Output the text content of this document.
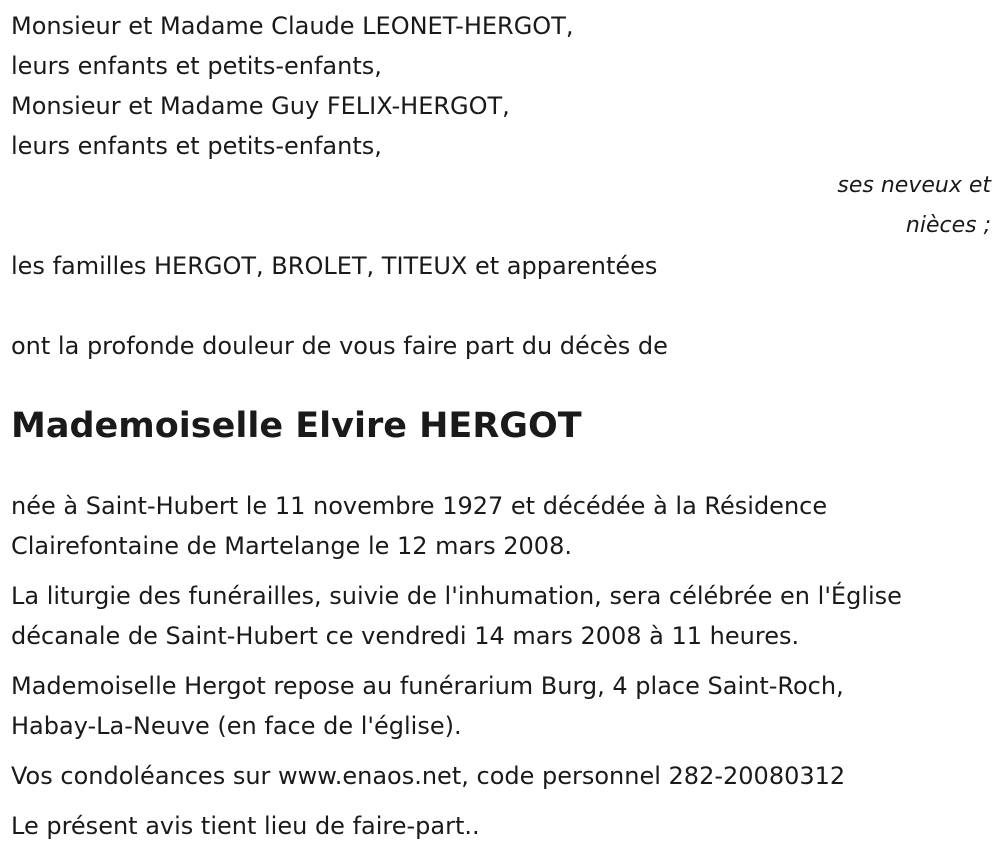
Monsieur et Madame Claude LEONET-HERGOT,

leurs enfants et petits-enfants,

Monsieur et Madame Guy FELIX-HERGOT,

leurs enfants et petits-enfants,

ses neveux et

nièces ;

les familles HERGOT, BROLET, TITEUX et apparentées

ont la profonde douleur de vous faire part du décès de

Mademoiselle Elvire HERGOT

née à Saint-Hubert le 11 novembre 1927 et décédée à la Résidence
Clairefontaine de Martelange le 12 mars 2008.
La liturgie des funérailles, suivie de l'inhumation, sera célébrée en l'Église
décanale de Saint-Hubert ce vendredi 14 mars 2008 à 11 heures.
Mademoiselle Hergot repose au funérarium Burg, 4 place Saint-Roch,
Habay-La-Neuve (en face de l'église).
Vos condoléances sur www.enaos.net, code personnel 282-20080312
Le présent avis tient lieu de faire-part..
